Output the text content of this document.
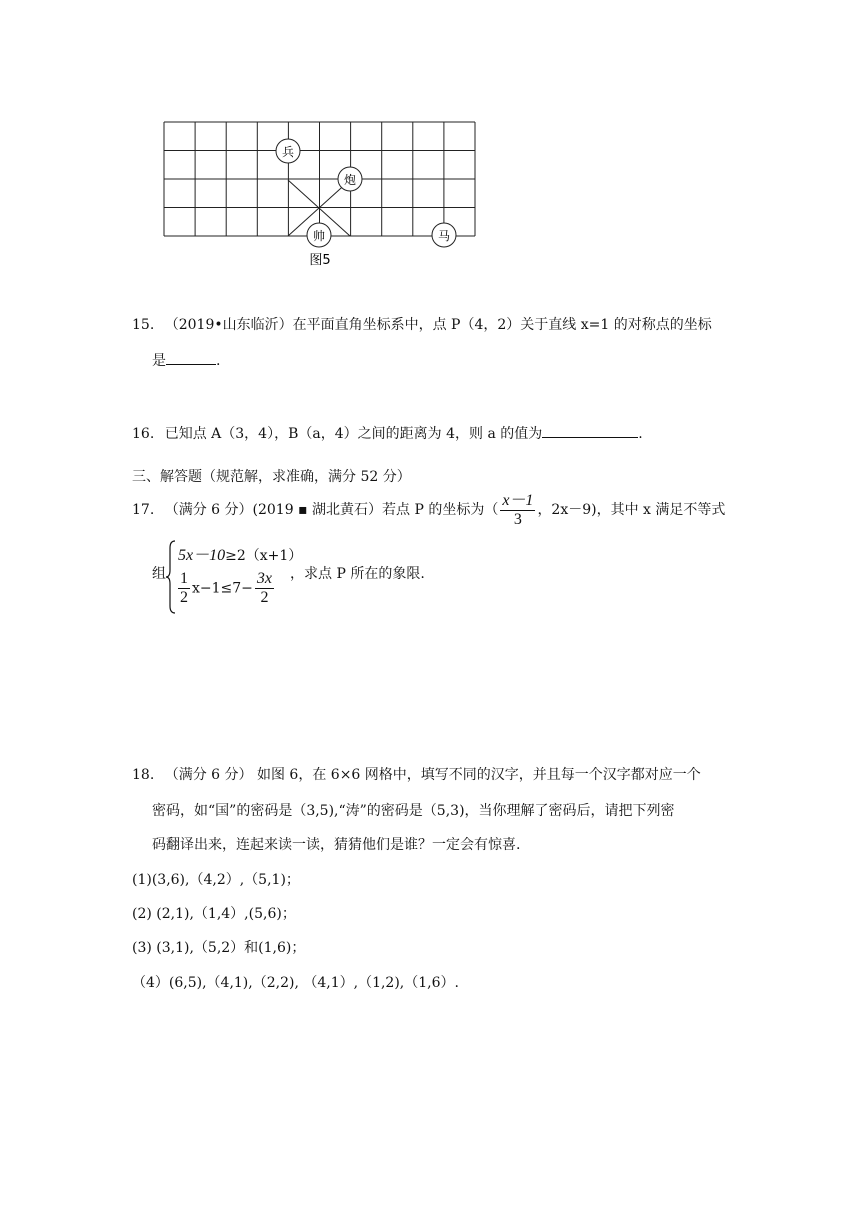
兵
炮
帅	马
图5
15. （2019•山东临沂）在平面直角坐标系中，点 P（4，2）关于直线 x=1 的对称点的坐标
是	.
16. 已知点 A（3，4），B（a，4）之间的距离为 4，则 a 的值为	.
三、解答题（规范解，求准确，满分 52 分）
17. （满分 6 分）(2019 ▪ 湖北黄石）若点 P 的坐标为（ $\frac{x-1}{3}$ ，2x－9)，其中 x 满足不等式
组
5x－10≥2（x+1）
$\frac{1}{2} x-1\le 7- \frac{3x}{2}$ ，求点 P 所在的象限.
18. （满分 6 分） 如图 6，在 6×6 网格中，填写不同的汉字，并且每一个汉字都对应一个
密码，如“国”的密码是（3,5),“涛”的密码是（5,3)，当你理解了密码后，请把下列密
码翻译出来，连起来读一读，猜猜他们是谁？一定会有惊喜.
(1)(3,6),（4,2）,（5,1)；
(2) (2,1),（1,4）,(5,6)；
(3) (3,1),（5,2）和(1,6)；
（4）(6,5),（4,1),（2,2), （4,1）,（1,2),（1,6）.
